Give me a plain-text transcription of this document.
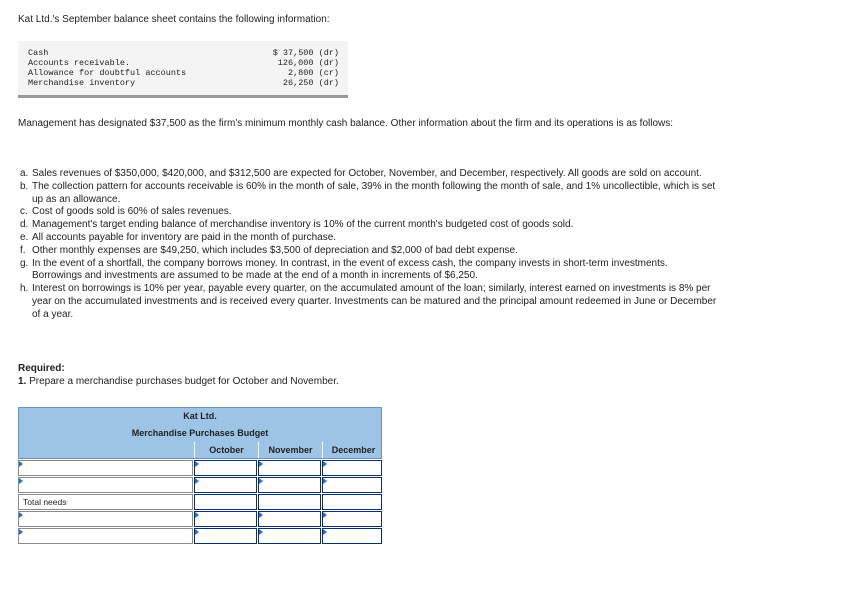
Kat Ltd.'s September balance sheet contains the following information:

Cash	$ 37,500 (dr)
Accounts receivable.	126,000 (dr)
Allowance for doubtful accounts	2,800 (cr)
Merchandise inventory	26,250 (dr)

Management has designated $37,500 as the firm's minimum monthly cash balance. Other information about the firm and its operations is as follows:

a. Sales revenues of $350,000, $420,000, and $312,500 are expected for October, November, and December, respectively. All goods are sold on account.

b. The collection pattern for accounts receivable is 60% in the month of sale, 39% in the month following the month of sale, and 1% uncollectible, which is set up as an allowance.

c. Cost of goods sold is 60% of sales revenues.

d. Management's target ending balance of merchandise inventory is 10% of the current month's budgeted cost of goods sold.

e. All accounts payable for inventory are paid in the month of purchase.

f. Other monthly expenses are $49,250, which includes $3,500 of depreciation and $2,000 of bad debt expense.

g. In the event of a shortfall, the company borrows money. In contrast, in the event of excess cash, the company invests in short-term investments. Borrowings and investments are assumed to be made at the end of a month in increments of $6,250.

h. Interest on borrowings is 10% per year, payable every quarter, on the accumulated amount of the loan; similarly, interest earned on investments is 8% per year on the accumulated investments and is received every quarter. Investments can be matured and the principal amount redeemed in June or December of a year.

Required:

1. Prepare a merchandise purchases budget for October and November.

Kat Ltd.
Merchandise Purchases Budget
October	November	December
Total needs
